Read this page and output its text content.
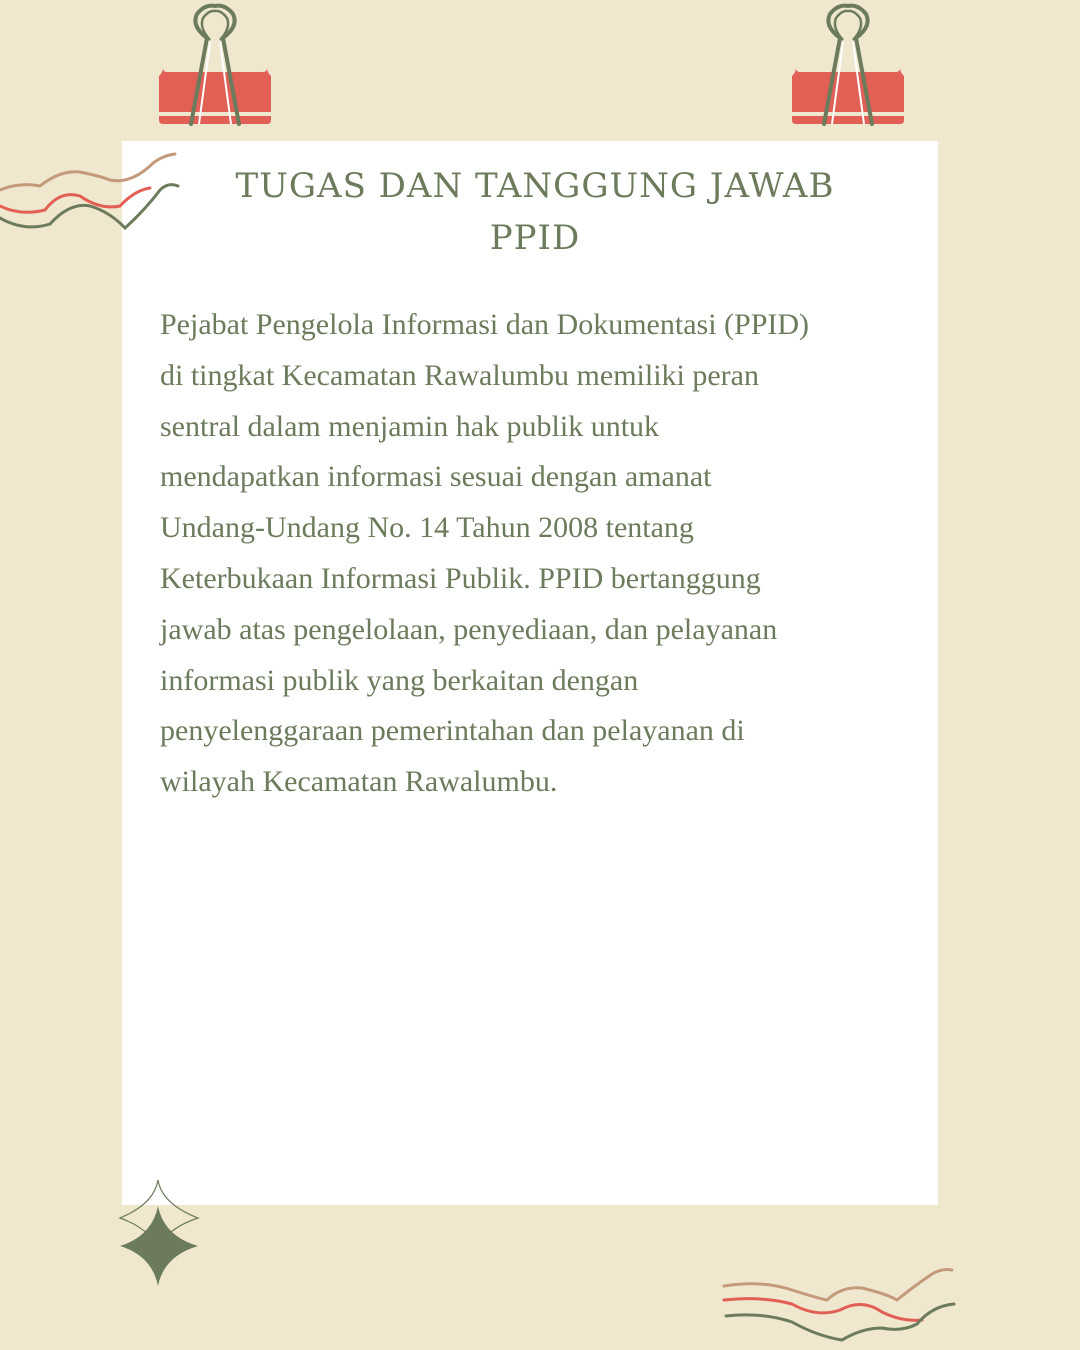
TUGAS DAN TANGGUNG JAWAB
PPID

Pejabat Pengelola Informasi dan Dokumentasi (PPID)
di tingkat Kecamatan Rawalumbu memiliki peran
sentral dalam menjamin hak publik untuk
mendapatkan informasi sesuai dengan amanat
Undang-Undang No. 14 Tahun 2008 tentang
Keterbukaan Informasi Publik. PPID bertanggung
jawab atas pengelolaan, penyediaan, dan pelayanan
informasi publik yang berkaitan dengan
penyelenggaraan pemerintahan dan pelayanan di
wilayah Kecamatan Rawalumbu.
